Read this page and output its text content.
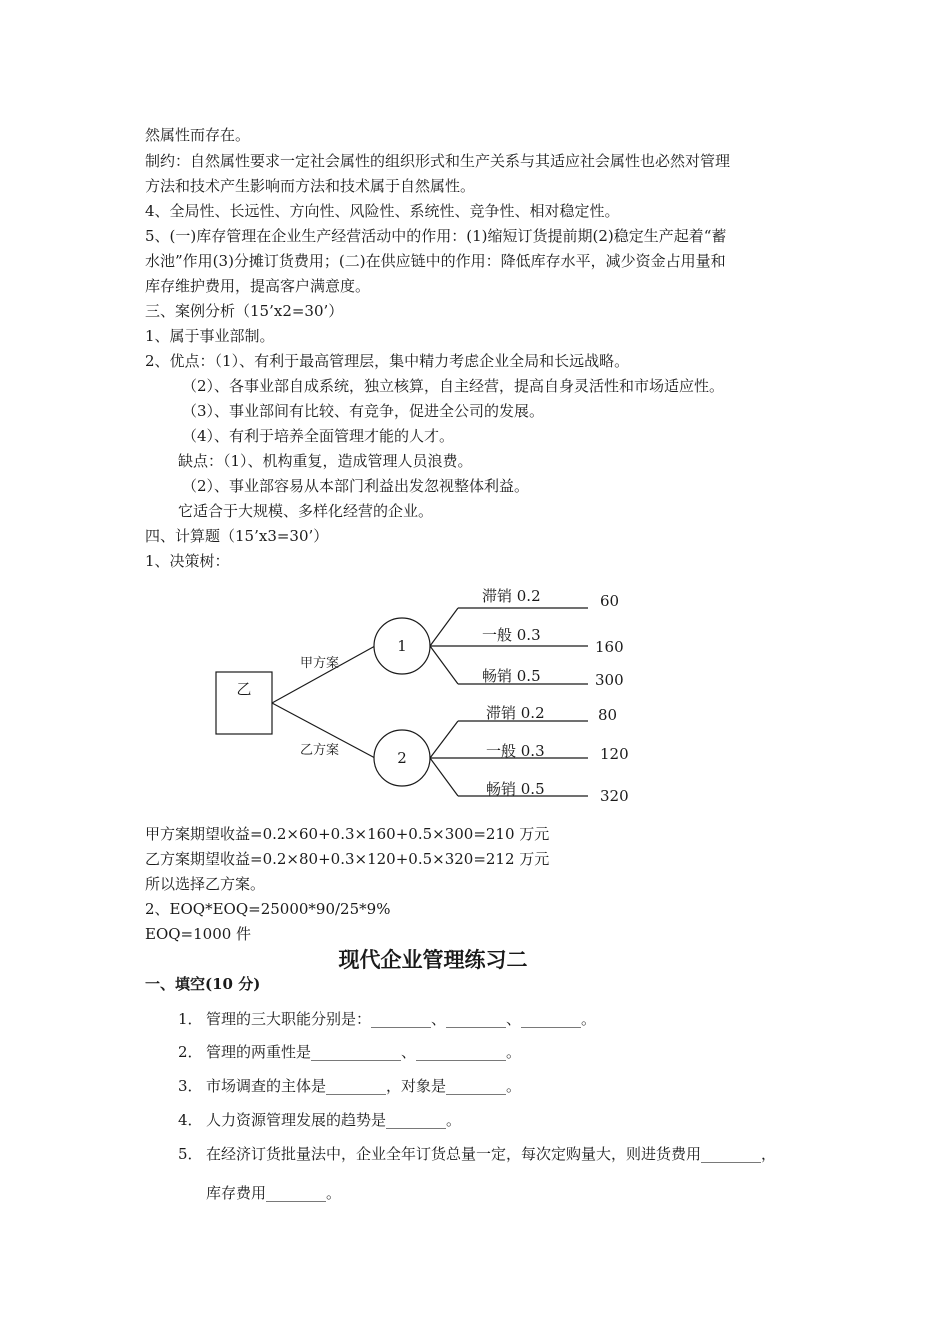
然属性而存在。
制约：自然属性要求一定社会属性的组织形式和生产关系与其适应社会属性也必然对管理
方法和技术产生影响而方法和技术属于自然属性。
4、全局性、长远性、方向性、风险性、系统性、竞争性、相对稳定性。
5、(一)库存管理在企业生产经营活动中的作用：(1)缩短订货提前期(2)稳定生产起着“蓄
水池”作用(3)分摊订货费用；(二)在供应链中的作用：降低库存水平，减少资金占用量和
库存维护费用，提高客户满意度。
三、案例分析（15’x2=30’）
1、属于事业部制。
2、优点：（1）、有利于最高管理层，集中精力考虑企业全局和长远战略。
（2）、各事业部自成系统，独立核算，自主经营，提高自身灵活性和市场适应性。
（3）、事业部间有比较、有竞争，促进全公司的发展。
（4）、有利于培养全面管理才能的人才。
缺点：（1）、机构重复，造成管理人员浪费。
（2）、事业部容易从本部门利益出发忽视整体利益。
它适合于大规模、多样化经营的企业。
四、计算题（15’x3=30’）
1、决策树：
乙
甲方案
乙方案
1
2
滞销 0.2
一般 0.3
畅销 0.5
60
160
300
滞销 0.2
一般 0.3
畅销 0.5
80
120
320
甲方案期望收益=0.2×60+0.3×160+0.5×300=210 万元
乙方案期望收益=0.2×80+0.3×120+0.5×320=212 万元
所以选择乙方案。
2、EOQ*EOQ=25000*90/25*9%
EOQ=1000 件
现代企业管理练习二
一、填空(10 分)
1． 管理的三大职能分别是：________、________、________。
2． 管理的两重性是____________、____________。
3． 市场调查的主体是________，对象是________。
4． 人力资源管理发展的趋势是________。
5． 在经济订货批量法中，企业全年订货总量一定，每次定购量大，则进货费用________，
库存费用________。
